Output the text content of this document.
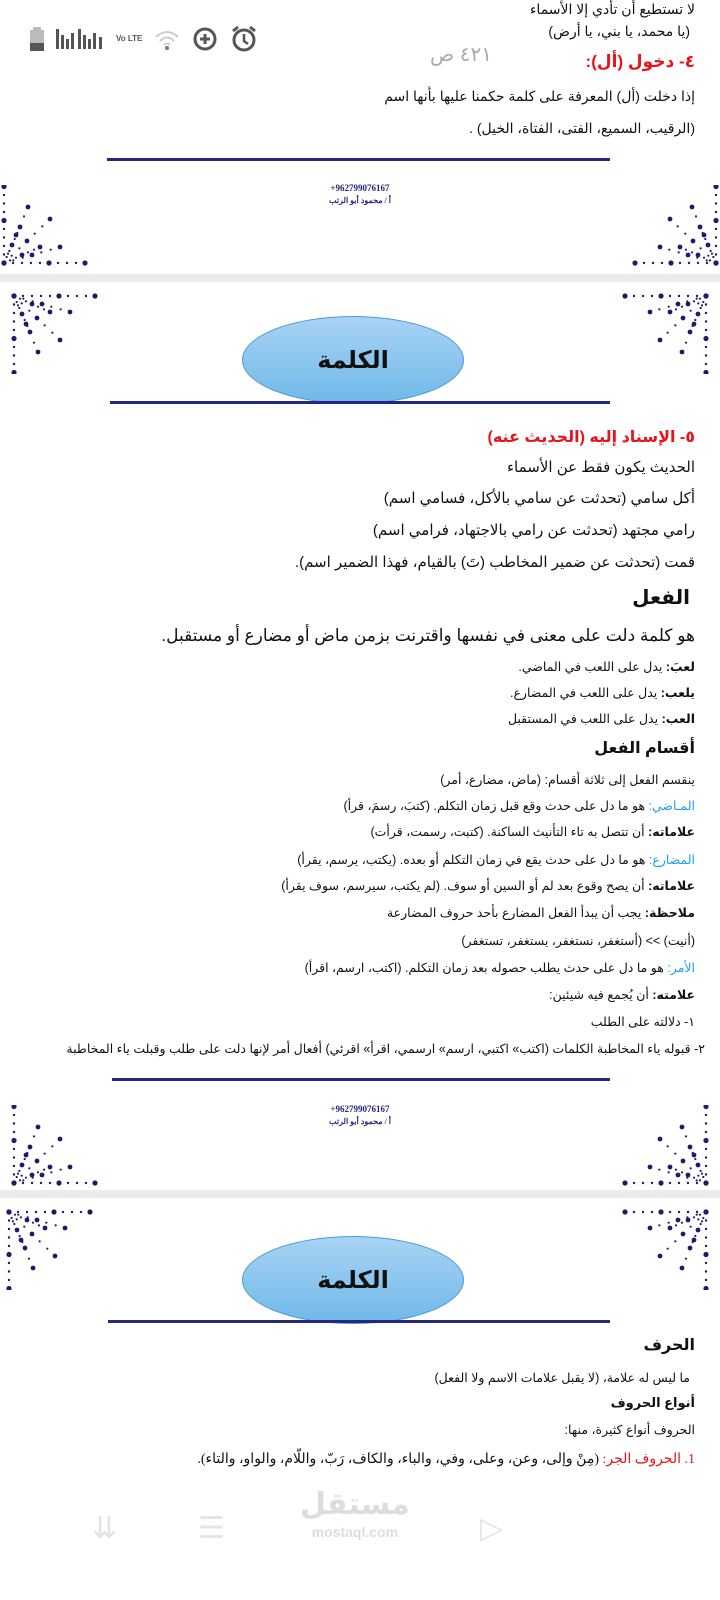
Vo LTE
لا تستطيع أن تأدي إلا الأسماء
(يا محمد، يا بني، يا أرض)
٤٢١ ص	٤- دخول (أل):
إذا دخلت (أل) المعرفة على كلمة حكمنا عليها بأنها اسم
(الرقيب، السميع، الفتى، الفتاة، الخيل) .
+962799076167
أ / محمود أبو الرتب
الكلمة
٥- الإسناد إليه (الحديث عنه)
الحديث يكون فقط عن الأسماء
أكل سامي (تحدثت عن سامي بالأكل، فسامي اسم)
رامي مجتهد (تحدثت عن رامي بالاجتهاد، فرامي اسم)
قمت (تحدثت عن ضمير المخاطب (تَ) بالقيام، فهذا الضمير اسم).
الفعل
هو كلمة دلت على معنى في نفسها واقترنت بزمن ماض أو مضارع أو مستقبل.
لعبَ: يدل على اللعب في الماضي.
يلعب: يدل على اللعب في المضارع.
العب: يدل على اللعب في المستقبل
أقسام الفعل
ينقسم الفعل إلى ثلاثة أقسام: (ماض، مضارع، أمر)
المـاضي: هو ما دل على حدث وقع قبل زمان التكلم. (كتبَ، رسمَ، قرأ)
علاماته: أن تتصل به تاء التأنيث الساكنة. (كتبت، رسمت، قرأت)
المضارع: هو ما دل على حدث يقع في زمان التكلم أو بعده. (يكتب، يرسم، يقرأ)
علاماته: أن يصح وقوع بعد لم أو السين أو سوف. (لم يكتب، سيرسم، سوف يقرأ)
ملاحظة: يجب أن يبدأ الفعل المضارع بأحد حروف المضارعة
(أنيت) >> (أستغفر، نستغفر، يستغفر، تستغفر)
الأمر: هو ما دل على حدث يطلب حصوله بعد زمان التكلم. (اكتب، ارسم، اقرأ)
علامته: أن يُجمع فيه شيئين:
١- دلالته على الطلب
٢- قبوله ياء المخاطبة الكلمات (اكتب» اكتبي، ارسم» ارسمي، اقرأ» اقرئي) أفعال أمر لإنها دلت على طلب وقبلت ياء المخاطبة
+962799076167
أ / محمود أبو الرتب
الكلمة
الحرف
ما ليس له علامة، (لا يقبل علامات الاسم ولا الفعل)
أنواع الحروف
الحروف أنواع كثيرة، منها:
1. الحروف الجر: (مِنْ وإلى، وعن، وعلى، وفي، والباء، والكاف، رَبّ، واللّام، والواو، والتاء).
⇊	☰	▷
مستقل
mostaql.com
